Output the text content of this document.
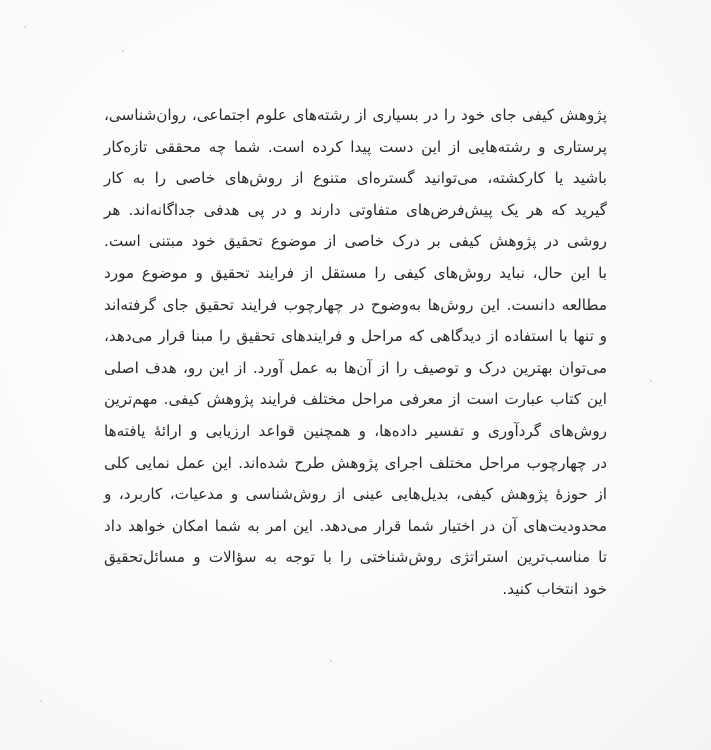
پژوهش کیفی جای خود را در بسیاری از رشته‌های علوم اجتماعی، روان‌شناسی،
پرستاری و رشته‌هایی از این دست پیدا کرده است. شما چه محققی تازه‌کار
باشید یا کارکشته، می‌توانید گستره‌ای متنوع از روش‌های خاصی را به کار
گیرید که هر یک پیش‌فرض‌های متفاوتی دارند و در پی هدفی جداگانه‌اند. هر
روشی در پژوهش کیفی بر درک خاصی از موضوع تحقیق خود مبتنی است.
با این حال، نباید روش‌های کیفی را مستقل از فرایند تحقیق و موضوع مورد
مطالعه دانست. این روش‌ها به‌وضوح در چهارچوب فرایند تحقیق جای گرفته‌اند
و تنها با استفاده از دیدگاهی که مراحل و فرایندهای تحقیق را مبنا قرار می‌دهد،
می‌توان بهترین درک و توصیف را از آن‌ها به عمل آورد. از این رو، هدف اصلی
این کتاب عبارت است از معرفی مراحل مختلف فرایند پژوهش کیفی. مهم‌ترین
روش‌های گردآوری و تفسیر داده‌ها، و همچنین قواعد ارزیابی و ارائهٔ یافته‌ها
در چهارچوب مراحل مختلف اجرای پژوهش طرح شده‌اند. این عمل نمایی کلی
از حوزهٔ پژوهش کیفی، بدیل‌هایی عینی از روش‌شناسی و مدعیات، کاربرد، و
محدودیت‌های آن در اختیار شما قرار می‌دهد. این امر به شما امکان خواهد داد
تا مناسب‌ترین استراتژی روش‌شناختی را با توجه به سؤالات و مسائل‌تحقیق
خود انتخاب کنید.
